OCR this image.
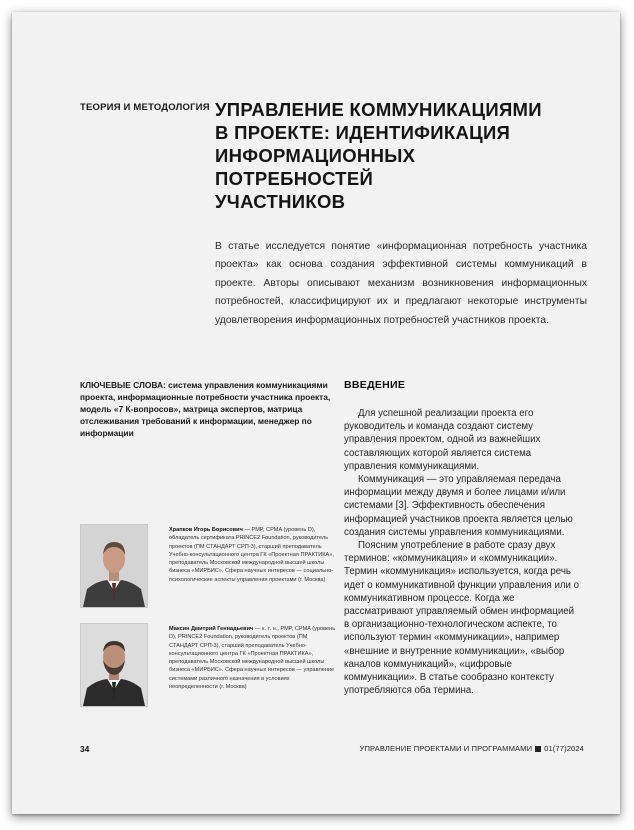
ТЕОРИЯ И МЕТОДОЛОГИЯ УПРАВЛЕНИЕ КОММУНИКАЦИЯМИ
В ПРОЕКТЕ: ИДЕНТИФИКАЦИЯ
ИНФОРМАЦИОННЫХ ПОТРЕБНОСТЕЙ
УЧАСТНИКОВ
В статье исследуется понятие «информационная потребность участника проекта» как основа создания эффективной системы коммуникаций в проекте. Авторы описывают механизм возникновения информационных потребностей, классифицируют их и предлагают некоторые инструменты удовлетворения информационных потребностей участников проекта.
КЛЮЧЕВЫЕ СЛОВА: система управления коммуникациями проекта, информационные потребности участника проекта, модель «7 К-вопросов», матрица экспертов, матрица отслеживания требований к информации, менеджер по информации
Храпков Игорь Борисович — PMP, CPMA (уровень D), обладатель сертификата PRINCE2 Foundation, руководитель проектов (ПМ СТАНДАРТ СРП-3), старший преподаватель Учебно-консультационного центра ГК «Проектная ПРАКТИКА», преподаватель Московской международной высшей школы бизнеса «МИРБИС». Сфера научных интересов — социально-психологические аспекты управления проектами (г. Москва)
Максин Дмитрий Геннадьевич — к. т. н., PMP, CPMA (уровень D), PRINCE2 Foundation, руководитель проектов (ПМ СТАНДАРТ СРП-3), старший преподаватель Учебно-консультационного центра ГК «Проектная ПРАКТИКА», преподаватель Московской международной высшей школы бизнеса «МИРБИС». Сфера научных интересов — управление системами различного назначения в условиях неопределенности (г. Москва)
ВВЕДЕНИЕ

Для успешной реализации проекта его руководитель и команда создают систему управления проектом, одной из важнейших составляющих которой является система управления коммуникациями.

Коммуникация — это управляемая передача информации между двумя и более лицами и/или системами [3]. Эффективность обеспечения информацией участников проекта является целью создания системы управления коммуникациями.

Поясним употребление в работе сразу двух терминов: «коммуникация» и «коммуникации». Термин «коммуникация» используется, когда речь идет о коммуникативной функции управления или о коммуникативном процессе. Когда же рассматривают управляемый обмен информацией в организационно-технологическом аспекте, то используют термин «коммуникации», например «внешние и внутренние коммуникации», «выбор каналов коммуникаций», «цифровые коммуникации». В статье сообразно контексту употребляются оба термина.

34	УПРАВЛЕНИЕ ПРОЕКТАМИ И ПРОГРАММАМИ 01(77)2024
